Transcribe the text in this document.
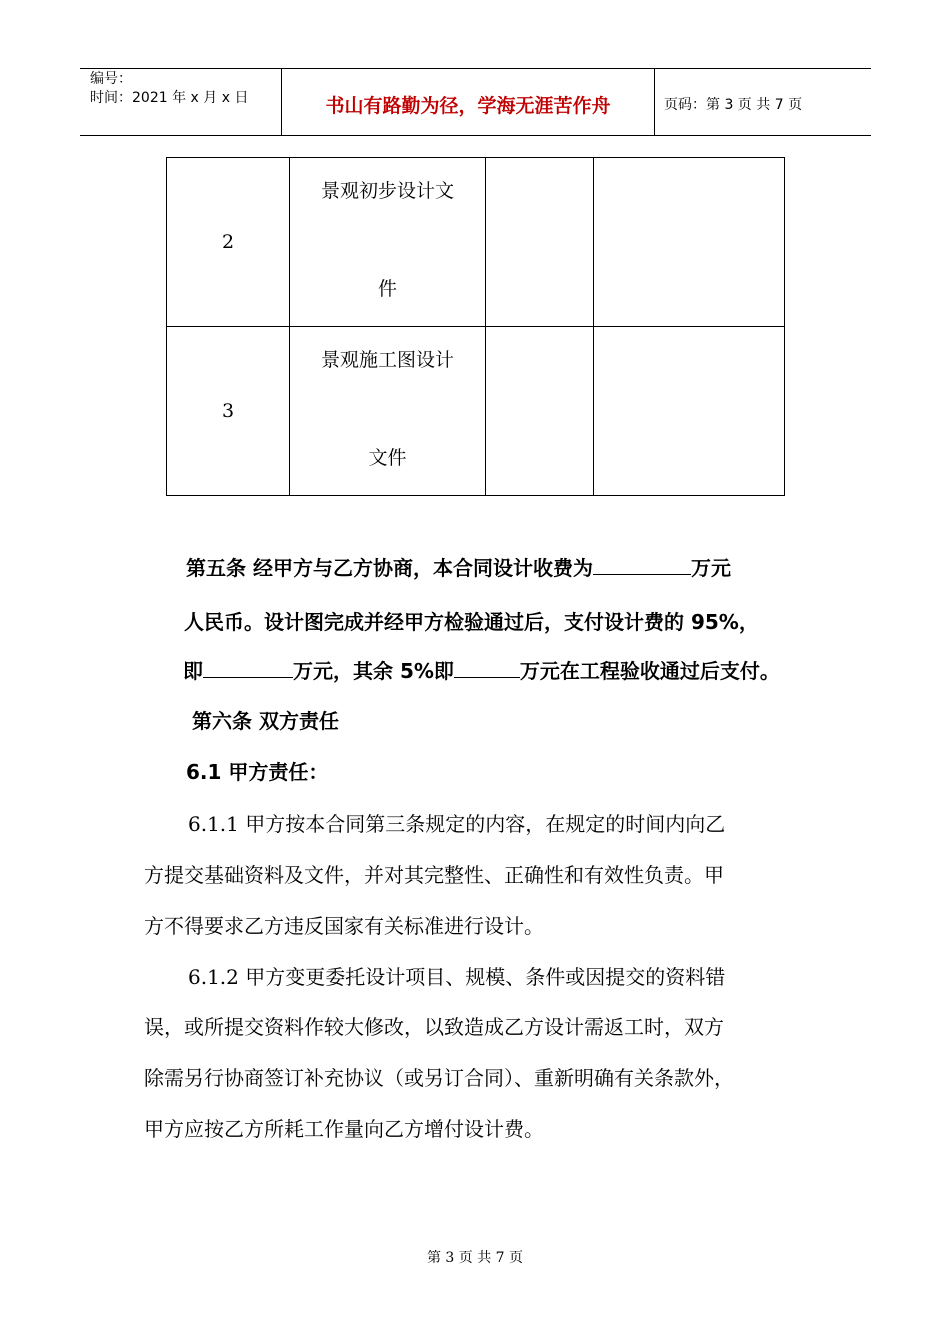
编号：
时间：2021 年 x 月 x 日	书山有路勤为径，学海无涯苦作舟	页码：第 3 页 共 7 页
2	景观初步设计文
件		

3	景观施工图设计
文件		

第五条 经甲方与乙方协商，本合同设计收费为	万元
人民币。设计图完成并经甲方检验通过后，支付设计费的 95%，
即	万元，其余 5%即	万元在工程验收通过后支付。
第六条 双方责任
6.1 甲方责任：
6.1.1 甲方按本合同第三条规定的内容，在规定的时间内向乙
方提交基础资料及文件，并对其完整性、正确性和有效性负责。甲
方不得要求乙方违反国家有关标准进行设计。
6.1.2 甲方变更委托设计项目、规模、条件或因提交的资料错
误，或所提交资料作较大修改，以致造成乙方设计需返工时，双方
除需另行协商签订补充协议（或另订合同）、重新明确有关条款外，
甲方应按乙方所耗工作量向乙方增付设计费。
第 3 页 共 7 页
